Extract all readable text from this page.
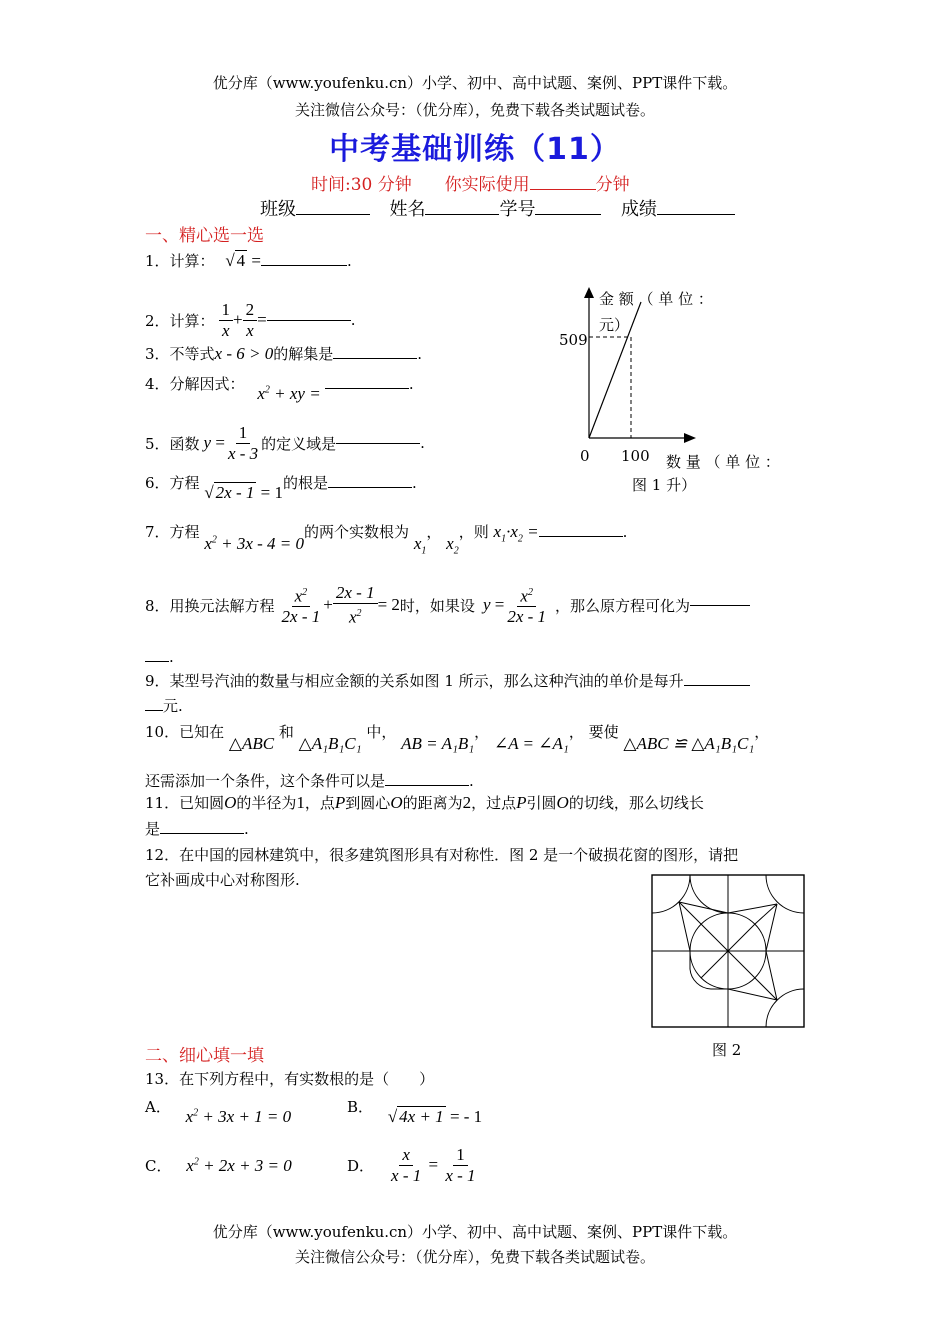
优分库（www.youfenku.cn）小学、初中、高中试题、案例、PPT课件下载。
关注微信公众号：（优分库），免费下载各类试题试卷。
中考基础训练（11）
时间:30 分钟 你实际使用	分钟
班级	姓名	学号	成绩
一、精心选一选
1．计算： √ 4 =	.
2．计算： $\frac{1}{x} + \frac{2}{x}$ =	.
3．不等式x - 6 > 0的解集是	.
4．分解因式： $x^2$ + xy =	.
5．函数 $y = \frac{1}{x - 3}$ 的定义域是	.
6．方程 √ 2x - 1 = 1的根是	.
7．方程 $x^2 + 3x - 4 = 0$的两个实数根为 $x_1$， $x_2$，则 $x_1\cdot x_2$ =	.
8．用换元法解方程 $\frac{x^2}{2x - 1} + \frac{2x - 1}{x^2} = 2$ 时，如果设 $y = \frac{x^2}{2x - 1}$ ，那么原方程可化为
.
9．某型号汽油的数量与相应金额的关系如图 1 所示，那么这种汽油的单价是每升
元.
10．已知在 △ABC 和 △A₁B₁C₁ 中， AB = A₁B₁， ∠A = ∠A₁， 要使 △ABC ≌ △A₁B₁C₁，
还需添加一个条件，这个条件可以是	.
11．已知圆O的半径为1，点P到圆心O的距离为2，过点P引圆O的切线，那么切线长
是	.
12．在中国的园林建筑中，很多建筑图形具有对称性．图 2 是一个破损花窗的图形，请把
它补画成中心对称图形.
金 额 （ 单 位 ：
元）
509
0 100 数 量 （ 单 位 ：
图 1 升）
图 2
二、细心填一填
13．在下列方程中，有实数根的是（　　）
A． $x^2 + 3x + 1 = 0$	B． √ 4x + 1 = - 1
C． $x^2 + 2x + 3 = 0$	D． $\frac{x}{x - 1} = \frac{1}{x - 1}$
优分库（www.youfenku.cn）小学、初中、高中试题、案例、PPT课件下载。
关注微信公众号：（优分库），免费下载各类试题试卷。
